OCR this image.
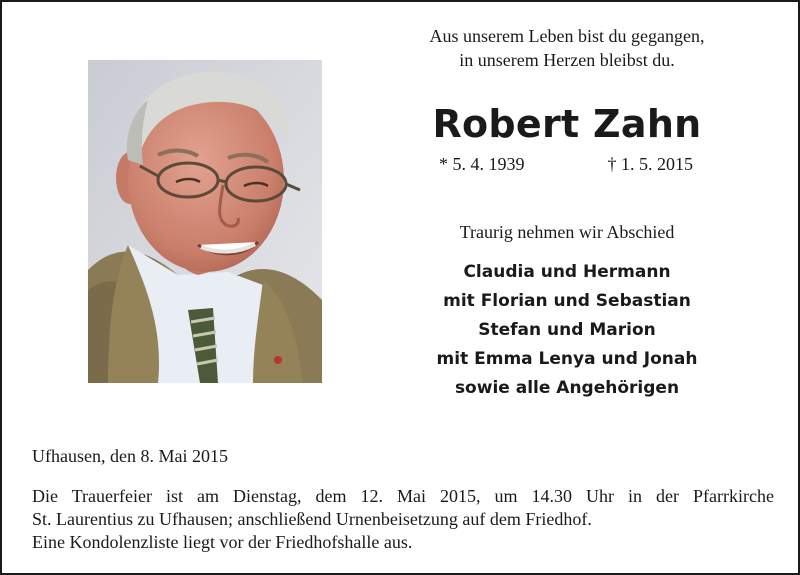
Aus unserem Leben bist du gegangen,
in unserem Herzen bleibst du.
Robert Zahn
* 5. 4. 1939	† 1. 5. 2015
Traurig nehmen wir Abschied
Claudia und Hermann
mit Florian und Sebastian
Stefan und Marion
mit Emma Lenya und Jonah
sowie alle Angehörigen
Ufhausen, den 8. Mai 2015
Die Trauerfeier ist am Dienstag, dem 12. Mai 2015, um 14.30 Uhr in der Pfarrkirche
St. Laurentius zu Ufhausen; anschließend Urnenbeisetzung auf dem Friedhof.
Eine Kondolenzliste liegt vor der Friedhofshalle aus.
